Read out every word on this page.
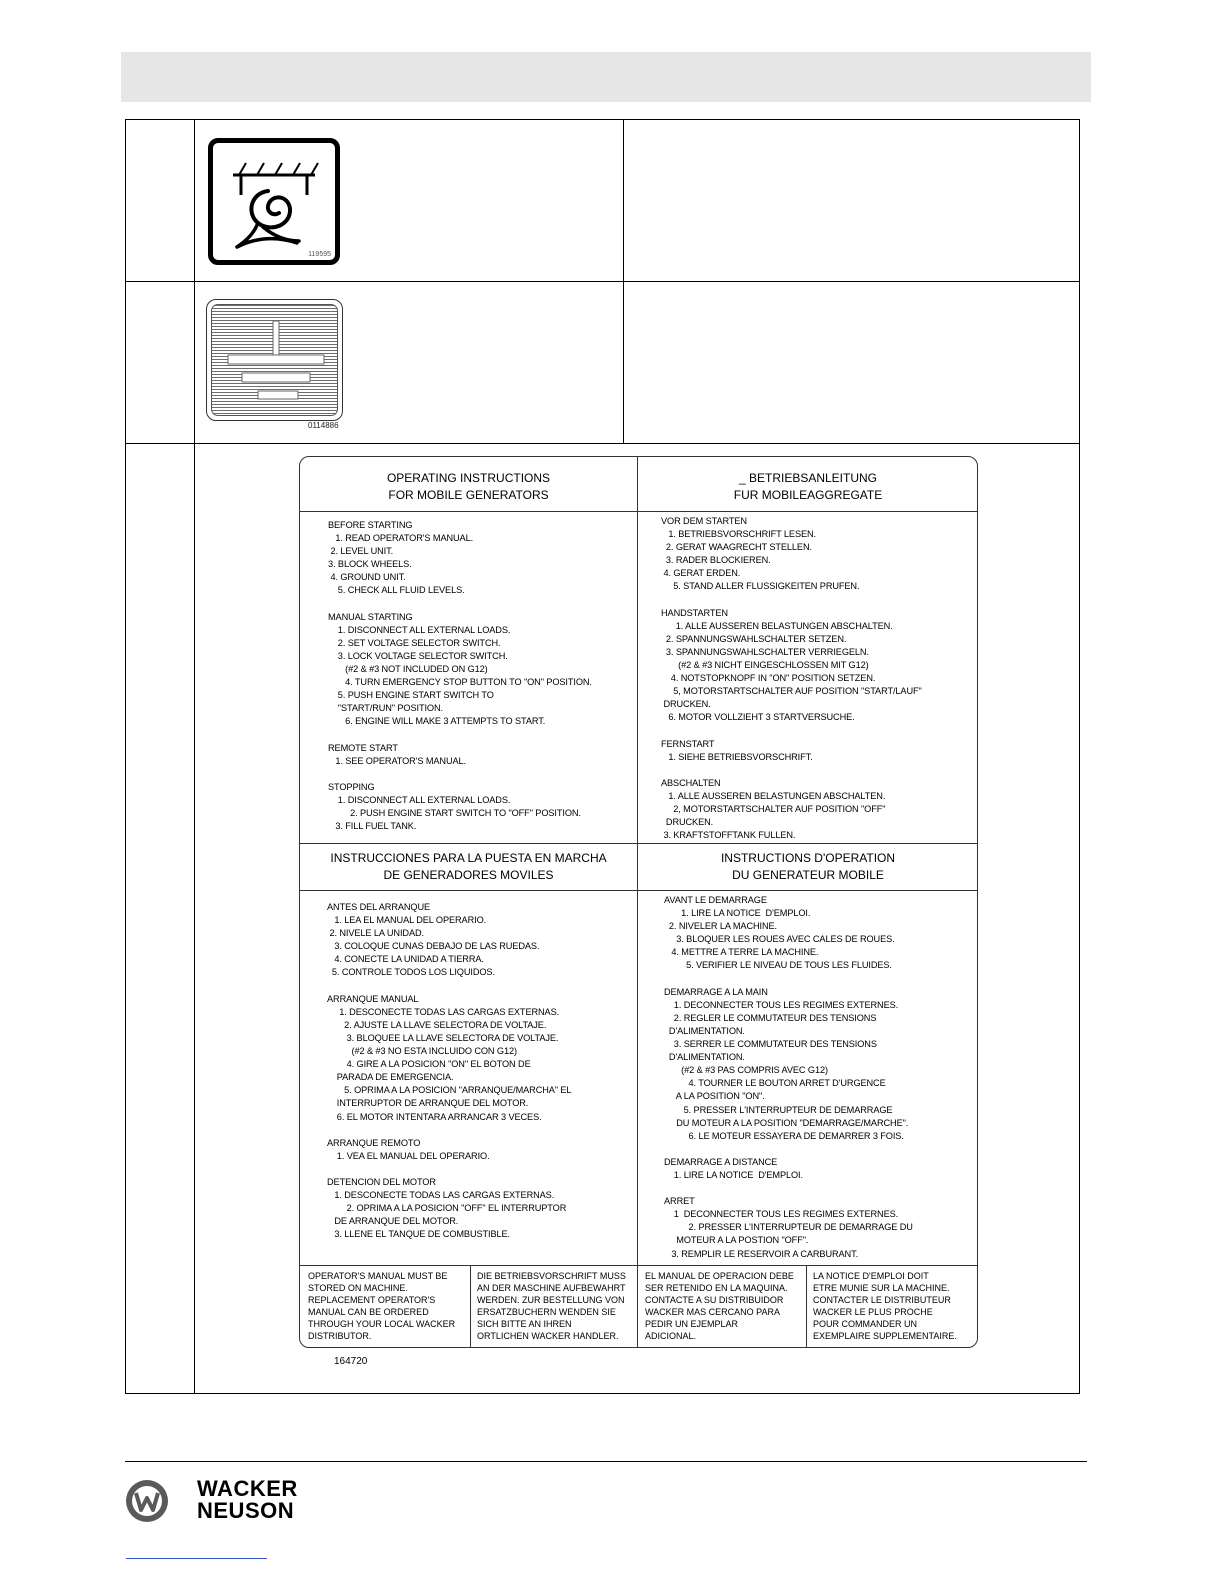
119595
0114886
OPERATING INSTRUCTIONS
FOR MOBILE GENERATORS
_ BETRIEBSANLEITUNG
FUR MOBILEAGGREGATE
INSTRUCCIONES PARA LA PUESTA EN MARCHA
DE GENERADORES MOVILES
INSTRUCTIONS D'OPERATION
DU GENERATEUR MOBILE
BEFORE STARTING
1. READ OPERATOR'S MANUAL.
2. LEVEL UNIT.
3. BLOCK WHEELS.
4. GROUND UNIT.
5. CHECK ALL FLUID LEVELS.
MANUAL STARTING
1. DISCONNECT ALL EXTERNAL LOADS.
2. SET VOLTAGE SELECTOR SWITCH.
3. LOCK VOLTAGE SELECTOR SWITCH.
(#2 & #3 NOT INCLUDED ON G12)
4. TURN EMERGENCY STOP BUTTON TO "ON" POSITION.
5. PUSH ENGINE START SWITCH TO
"START/RUN" POSITION.
6. ENGINE WILL MAKE 3 ATTEMPTS TO START.
REMOTE START
1. SEE OPERATOR'S MANUAL.
STOPPING
1. DISCONNECT ALL EXTERNAL LOADS.
2. PUSH ENGINE START SWITCH TO "OFF" POSITION.
3. FILL FUEL TANK.
VOR DEM STARTEN
1. BETRIEBSVORSCHRIFT LESEN.
2. GERAT WAAGRECHT STELLEN.
3. RADER BLOCKIEREN.
4. GERAT ERDEN.
5. STAND ALLER FLUSSIGKEITEN PRUFEN.
HANDSTARTEN
1. ALLE AUSSEREN BELASTUNGEN ABSCHALTEN.
2. SPANNUNGSWAHLSCHALTER SETZEN.
3. SPANNUNGSWAHLSCHALTER VERRIEGELN.
(#2 & #3 NICHT EINGESCHLOSSEN MIT G12)
4. NOTSTOPKNOPF IN "ON" POSITION SETZEN.
5, MOTORSTARTSCHALTER AUF POSITION "START/LAUF"
DRUCKEN.
6. MOTOR VOLLZIEHT 3 STARTVERSUCHE.
FERNSTART
1. SIEHE BETRIEBSVORSCHRIFT.
ABSCHALTEN
1. ALLE AUSSEREN BELASTUNGEN ABSCHALTEN.
2, MOTORSTARTSCHALTER AUF POSITION "OFF"
DRUCKEN.
3. KRAFTSTOFFTANK FULLEN.
ANTES DEL ARRANQUE
1. LEA EL MANUAL DEL OPERARIO.
2. NIVELE LA UNIDAD.
3. COLOQUE CUNAS DEBAJO DE LAS RUEDAS.
4. CONECTE LA UNIDAD A TIERRA.
5. CONTROLE TODOS LOS LIQUIDOS.
ARRANQUE MANUAL
1. DESCONECTE TODAS LAS CARGAS EXTERNAS.
2. AJUSTE LA LLAVE SELECTORA DE VOLTAJE.
3. BLOQUEE LA LLAVE SELECTORA DE VOLTAJE.
(#2 & #3 NO ESTA INCLUIDO CON G12)
4. GIRE A LA POSICION "ON" EL BOTON DE
PARADA DE EMERGENCIA.
5. OPRIMA A LA POSICION "ARRANQUE/MARCHA" EL
INTERRUPTOR DE ARRANQUE DEL MOTOR.
6. EL MOTOR INTENTARA ARRANCAR 3 VECES.
ARRANQUE REMOTO
1. VEA EL MANUAL DEL OPERARIO.
DETENCION DEL MOTOR
1. DESCONECTE TODAS LAS CARGAS EXTERNAS.
2. OPRIMA A LA POSICION "OFF" EL INTERRUPTOR
DE ARRANQUE DEL MOTOR.
3. LLENE EL TANQUE DE COMBUSTIBLE.
AVANT LE DEMARRAGE
1. LIRE LA NOTICE  D'EMPLOI.
2. NIVELER LA MACHINE.
3. BLOQUER LES ROUES AVEC CALES DE ROUES.
4. METTRE A TERRE LA MACHINE.
5. VERIFIER LE NIVEAU DE TOUS LES FLUIDES.
DEMARRAGE A LA MAIN
1. DECONNECTER TOUS LES REGIMES EXTERNES.
2. REGLER LE COMMUTATEUR DES TENSIONS
D'ALIMENTATION.
3. SERRER LE COMMUTATEUR DES TENSIONS
D'ALIMENTATION.
(#2 & #3 PAS COMPRIS AVEC G12)
4. TOURNER LE BOUTON ARRET D'URGENCE
A LA POSITION "ON".
5. PRESSER L'INTERRUPTEUR DE DEMARRAGE
DU MOTEUR A LA POSITION "DEMARRAGE/MARCHE".
6. LE MOTEUR ESSAYERA DE DEMARRER 3 FOIS.
DEMARRAGE A DISTANCE
1. LIRE LA NOTICE  D'EMPLOI.
ARRET
1  DECONNECTER TOUS LES REGIMES EXTERNES.
2. PRESSER L'INTERRUPTEUR DE DEMARRAGE DU
MOTEUR A LA POSTION "OFF".
3. REMPLIR LE RESERVOIR A CARBURANT.
OPERATOR'S MANUAL MUST BE
STORED ON MACHINE.
REPLACEMENT OPERATOR'S
MANUAL CAN BE ORDERED
THROUGH YOUR LOCAL WACKER
DISTRIBUTOR.
DIE BETRIEBSVORSCHRIFT MUSS
AN DER MASCHINE AUFBEWAHRT
WERDEN. ZUR BESTELLUNG VON
ERSATZBUCHERN WENDEN SIE
SICH BITTE AN IHREN
ORTLICHEN WACKER HANDLER.
EL MANUAL DE OPERACION DEBE
SER RETENIDO EN LA MAQUINA.
CONTACTE A SU DISTRIBUIDOR
WACKER MAS CERCANO PARA
PEDIR UN EJEMPLAR
ADICIONAL.
LA NOTICE D'EMPLOI DOIT
ETRE MUNIE SUR LA MACHINE.
CONTACTER LE DISTRIBUTEUR
WACKER LE PLUS PROCHE
POUR COMMANDER UN
EXEMPLAIRE SUPPLEMENTAIRE.
164720
WACKER
NEUSON
